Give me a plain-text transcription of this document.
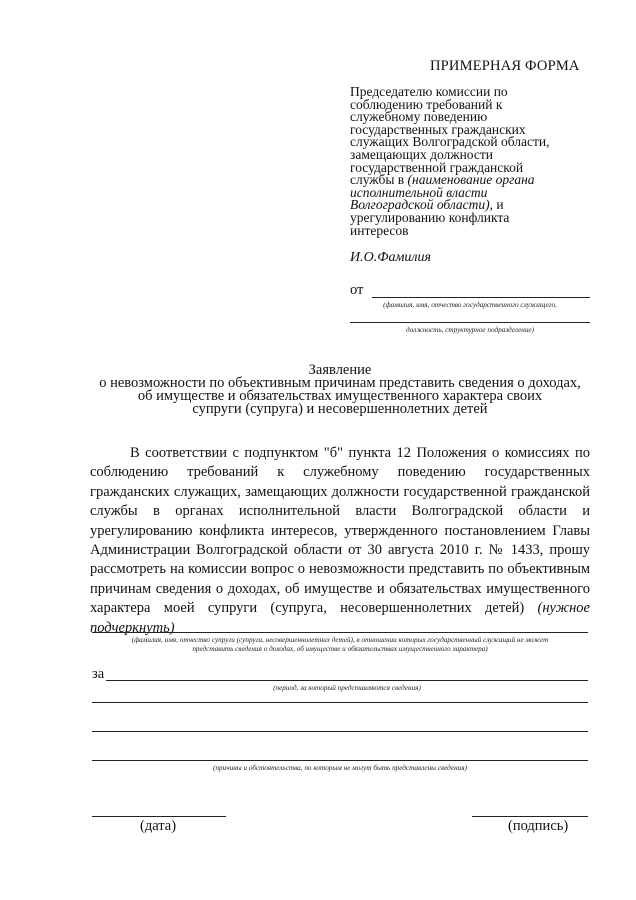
ПРИМЕРНАЯ ФОРМА
Председателю комиссии по
соблюдению требований к
служебному поведению
государственных гражданских
служащих Волгоградской области,
замещающих должности
государственной гражданской
службы в (наименование органа
исполнительной власти
Волгоградской области), и
урегулированию конфликта
интересов
И.О.Фамилия
от
(фамилия, имя, отчество государственного служащего,
должность, структурное подразделение)
Заявление
о невозможности по объективным причинам представить сведения о доходах,
об имуществе и обязательствах имущественного характера своих
супруги (супруга) и несовершеннолетних детей
В соответствии с подпунктом "б" пункта 12 Положения о комиссиях по соблюдению требований к служебному поведению государственных гражданских служащих, замещающих должности государственной гражданской службы в органах исполнительной власти Волгоградской области и урегулированию конфликта интересов, утвержденного постановлением Главы Администрации Волгоградской области от 30 августа 2010 г. № 1433, прошу рассмотреть на комиссии вопрос о невозможности представить по объективным причинам сведения о доходах, об имуществе и обязательствах имущественного характера моей супруги (супруга, несовершеннолетних детей) (нужное подчеркнуть)
(фамилия, имя, отчество супруги (супруга, несовершеннолетних детей), в отношении которых государственный служащий не может
представить сведения о доходах, об имуществе и обязательствах имущественного характера)
за
(период, за который представляются сведения)
(причины и обстоятельства, по которым не могут быть представлены сведения)
(дата)	(подпись)
